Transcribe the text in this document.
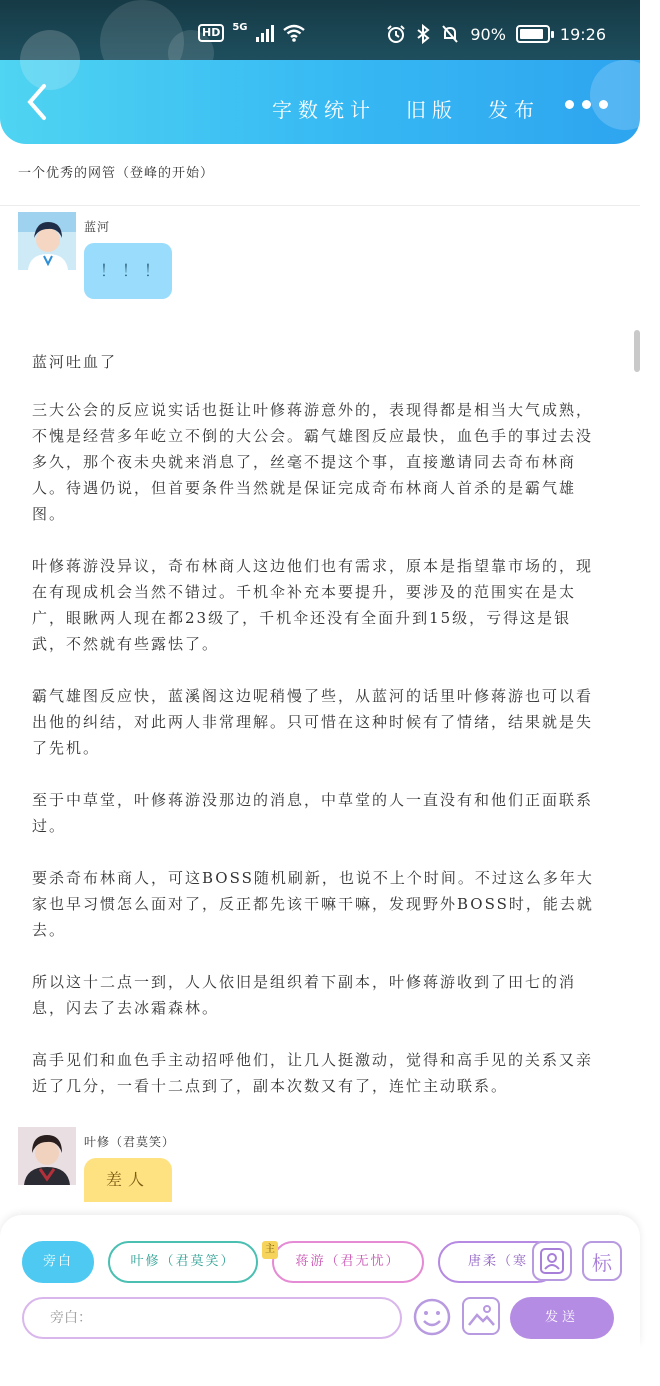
HD	5G	90%	19:26
字数统计 旧版 发布
一个优秀的网管（登峰的开始）
蓝河
！！！
蓝河吐血了
三大公会的反应说实话也挺让叶修蒋游意外的，表现得都是相当大气成熟，不愧是经营多年屹立不倒的大公会。霸气雄图反应最快，血色手的事过去没多久，那个夜未央就来消息了，丝毫不提这个事，直接邀请同去奇布林商人。待遇仍说，但首要条件当然就是保证完成奇布林商人首杀的是霸气雄图。
叶修蒋游没异议，奇布林商人这边他们也有需求，原本是指望靠市场的，现在有现成机会当然不错过。千机伞补充本要提升，要涉及的范围实在是太广，眼瞅两人现在都23级了，千机伞还没有全面升到15级，亏得这是银武，不然就有些露怯了。
霸气雄图反应快，蓝溪阁这边呢稍慢了些，从蓝河的话里叶修蒋游也可以看出他的纠结，对此两人非常理解。只可惜在这种时候有了情绪，结果就是失了先机。
至于中草堂，叶修蒋游没那边的消息，中草堂的人一直没有和他们正面联系过。
要杀奇布林商人，可这BOSS随机刷新，也说不上个时间。不过这么多年大家也早习惯怎么面对了，反正都先该干嘛干嘛，发现野外BOSS时，能去就去。
所以这十二点一到，人人依旧是组织着下副本，叶修蒋游收到了田七的消息，闪去了去冰霜森林。
高手见们和血色手主动招呼他们，让几人挺激动，觉得和高手见的关系又亲近了几分，一看十二点到了，副本次数又有了，连忙主动联系。
叶修（君莫笑）
差人
旁白	叶修（君莫笑）	蒋游（君无忧）	唐柔（寒
主
标
旁白：	发送
